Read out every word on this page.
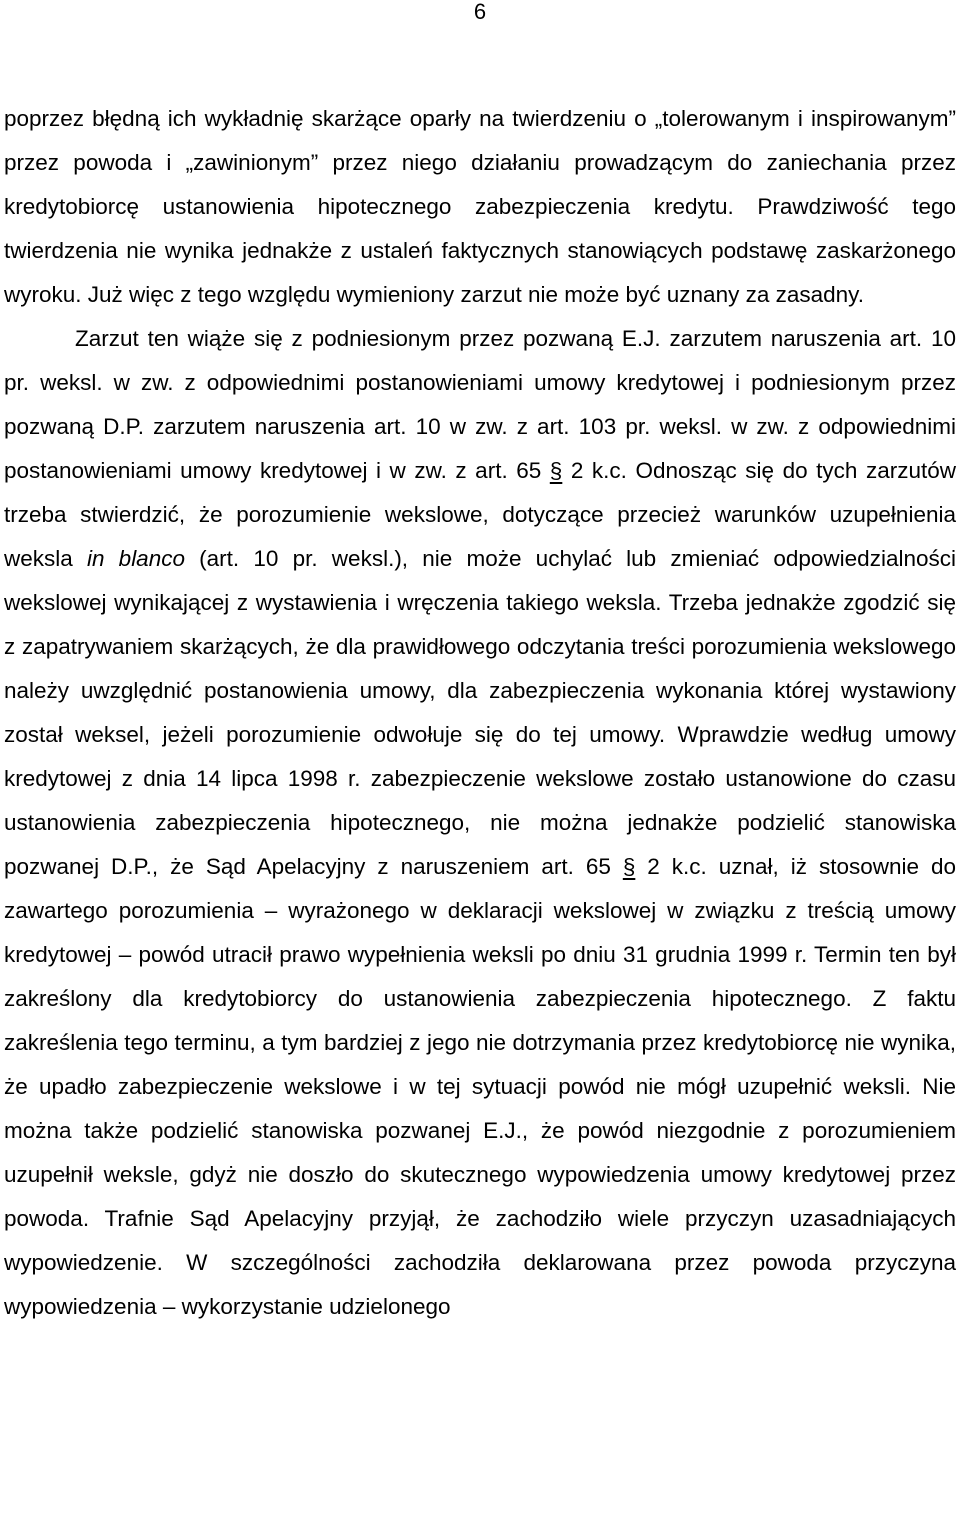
6

poprzez błędną ich wykładnię skarżące oparły na twierdzeniu o „tolerowanym i inspirowanym” przez powoda i „zawinionym” przez niego działaniu prowadzącym do zaniechania przez kredytobiorcę ustanowienia hipotecznego zabezpieczenia kredytu. Prawdziwość tego twierdzenia nie wynika jednakże z ustaleń faktycznych stanowiących podstawę zaskarżonego wyroku. Już więc z tego względu wymieniony zarzut nie może być uznany za zasadny.

Zarzut ten wiąże się z podniesionym przez pozwaną E.J. zarzutem naruszenia art. 10 pr. weksl. w zw. z odpowiednimi postanowieniami umowy kredytowej i podniesionym przez pozwaną D.P. zarzutem naruszenia art. 10 w zw. z art. 103 pr. weksl. w zw. z odpowiednimi postanowieniami umowy kredytowej i w zw. z art. 65 § 2 k.c. Odnosząc się do tych zarzutów trzeba stwierdzić, że porozumienie wekslowe, dotyczące przecież warunków uzupełnienia weksla in blanco (art. 10 pr. weksl.), nie może uchylać lub zmieniać odpowiedzialności wekslowej wynikającej z wystawienia i wręczenia takiego weksla. Trzeba jednakże zgodzić się z zapatrywaniem skarżących, że dla prawidłowego odczytania treści porozumienia wekslowego należy uwzględnić postanowienia umowy, dla zabezpieczenia wykonania której wystawiony został weksel, jeżeli porozumienie odwołuje się do tej umowy. Wprawdzie według umowy kredytowej z dnia 14 lipca 1998 r. zabezpieczenie wekslowe zostało ustanowione do czasu ustanowienia zabezpieczenia hipotecznego, nie można jednakże podzielić stanowiska pozwanej D.P., że Sąd Apelacyjny z naruszeniem art. 65 § 2 k.c. uznał, iż stosownie do zawartego porozumienia – wyrażonego w deklaracji wekslowej w związku z treścią umowy kredytowej – powód utracił prawo wypełnienia weksli po dniu 31 grudnia 1999 r. Termin ten był zakreślony dla kredytobiorcy do ustanowienia zabezpieczenia hipotecznego. Z faktu zakreślenia tego terminu, a tym bardziej z jego nie dotrzymania przez kredytobiorcę nie wynika, że upadło zabezpieczenie wekslowe i w tej sytuacji powód nie mógł uzupełnić weksli. Nie można także podzielić stanowiska pozwanej E.J., że powód niezgodnie z porozumieniem uzupełnił weksle, gdyż nie doszło do skutecznego wypowiedzenia umowy kredytowej przez powoda. Trafnie Sąd Apelacyjny przyjął, że zachodziło wiele przyczyn uzasadniających wypowiedzenie. W szczególności zachodziła deklarowana przez powoda przyczyna wypowiedzenia – wykorzystanie udzielonego
